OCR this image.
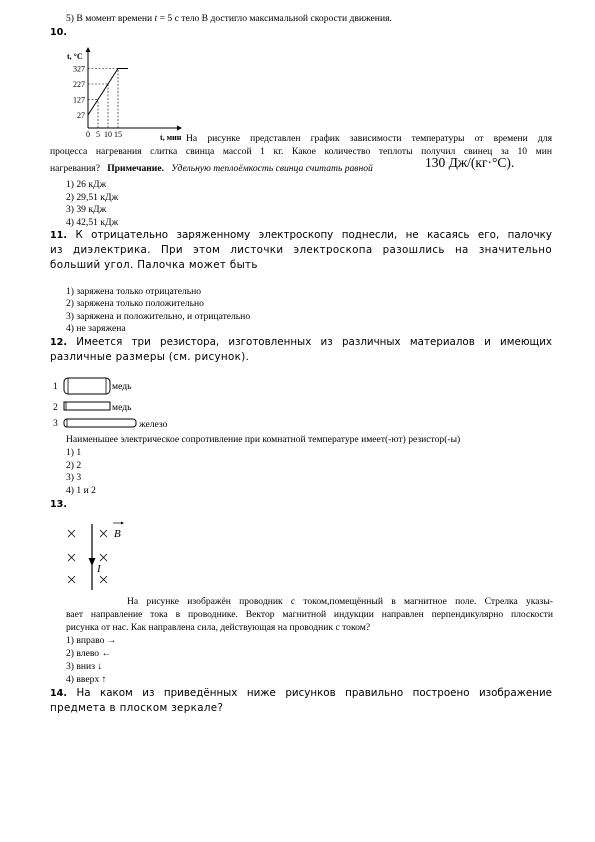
5) В момент времени t = 5 с тело В достигло максимальной скорости движения.
10.
327
227
127
27
0 5 10 15
t, °C
t, мин На рисунке представлен график зависимости температуры от времени для
процесса нагревания слитка свинца массой 1 кг. Какое количество теплоты получил свинец за 10 мин
нагревания? Примечание. Удельную теплоёмкость свинца считать равной	130 Дж/(кг·°С).
1) 26 кДж
2) 29,51 кДж
3) 39 кДж
4) 42,51 кДж
11. К отрицательно заряженному электроскопу поднесли, не касаясь его, палочку
из диэлектрика. При этом листочки электроскопа разошлись на значительно
больший угол. Палочка может быть
1) заряжена только отрицательно
2) заряжена только положительно
3) заряжена и положительно, и отрицательно
4) не заряжена
12. Имеется три резистора, изготовленных из различных материалов и имеющих
различные размеры (см. рисунок).
1
2
3
медь
медь
железо
Наименьшее электрическое сопротивление при комнатной температуре имеет(-ют) резистор(-ы)
1) 1
2) 2
3) 3
4) 1 и 2
13.
B
I
На рисунке изображён проводник с током,помещённый в магнитное поле. Стрелка указы-
вает направление тока в проводнике. Вектор магнитной индукции направлен перпендикулярно плоскости
рисунка от нас. Как направлена сила, действующая на проводник с током?
1) вправо →
2) влево ←
3) вниз ↓
4) вверх ↑
14. На каком из приведённых ниже рисунков правильно построено изображение
предмета в плоском зеркале?
